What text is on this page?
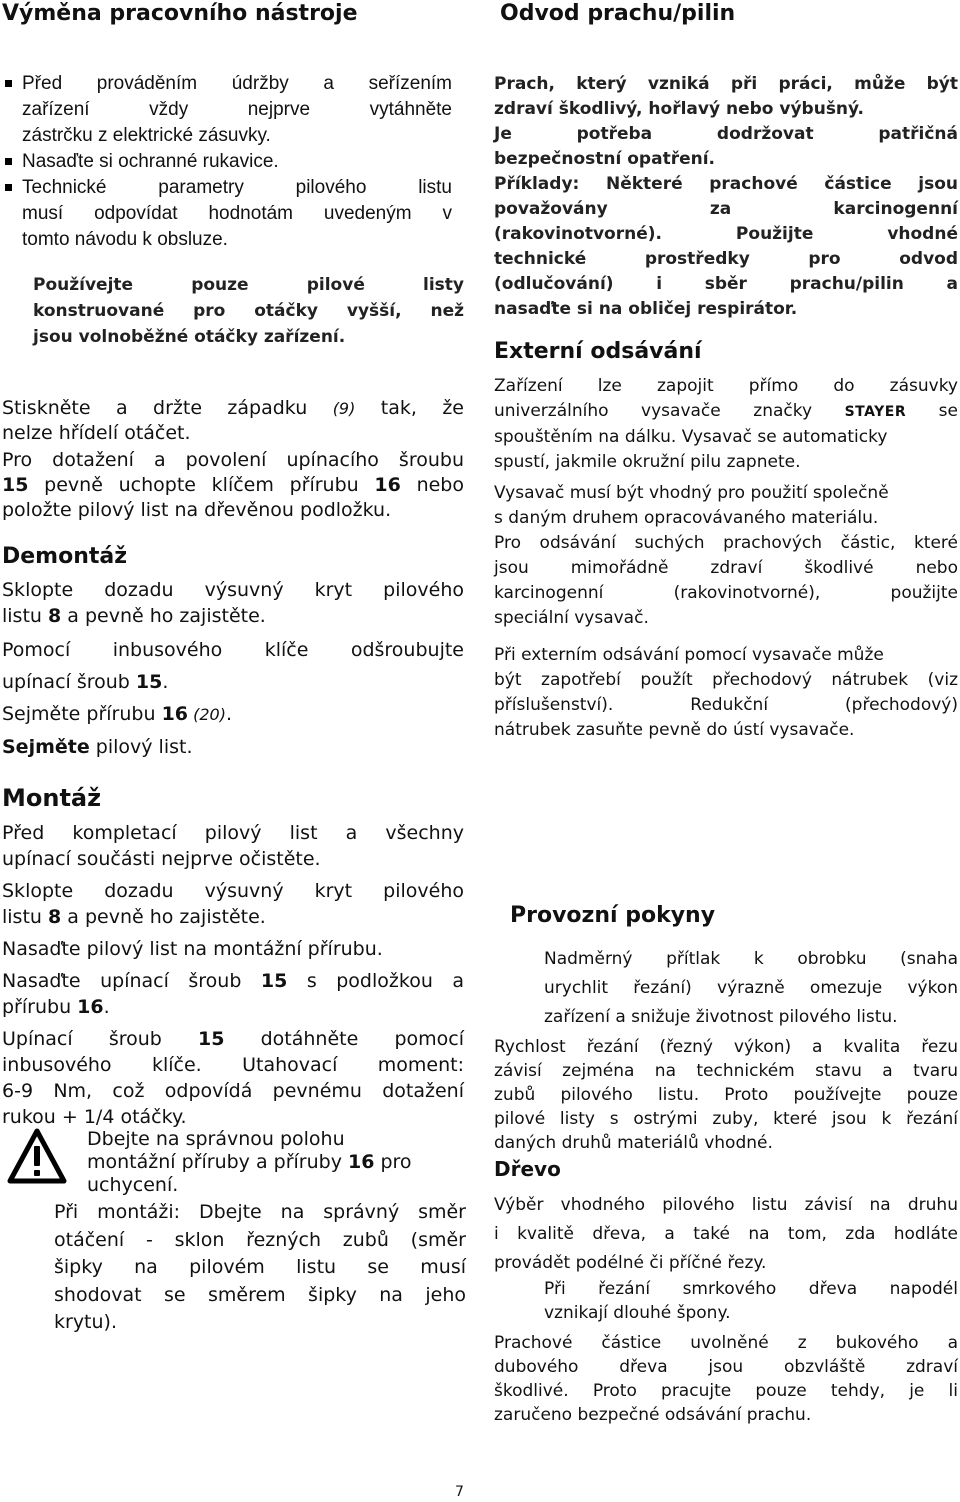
Výměna pracovního nástroje
Před prováděním údržby a seřízením
zařízení vždy nejprve vytáhněte
zástrčku z elektrické zásuvky.
Nasaďte si ochranné rukavice.
Technické parametry pilového listu
musí odpovídat hodnotám uvedeným v
tomto návodu k obsluze.
Používejte pouze pilové listy
konstruované pro otáčky vyšší, než
jsou volnoběžné otáčky zařízení.
Stiskněte a držte západku (9) tak, že
nelze hřídelí otáčet.
Pro dotažení a povolení upínacího šroubu
15 pevně uchopte klíčem přírubu 16 nebo
položte pilový list na dřevěnou podložku.
Demontáž
Sklopte dozadu výsuvný kryt pilového
listu 8 a pevně ho zajistěte.
Pomocí inbusového klíče odšroubujte
upínací šroub 15.
Sejměte přírubu 16 (20).
Sejměte pilový list.
Montáž
Před kompletací pilový list a všechny
upínací součásti nejprve očistěte.
Sklopte dozadu výsuvný kryt pilového
listu 8 a pevně ho zajistěte.
Nasaďte pilový list na montážní přírubu.
Nasaďte upínací šroub 15 s podložkou a
přírubu 16.
Upínací šroub 15 dotáhněte pomocí
inbusového klíče. Utahovací moment:
6-9 Nm, což odpovídá pevnému dotažení
rukou + 1/4 otáčky.
Dbejte na správnou polohu
montážní příruby a příruby 16 pro
uchycení.
Při montáži: Dbejte na správný směr
otáčení - sklon řezných zubů (směr
šipky na pilovém listu se musí
shodovat se směrem šipky na jeho
krytu).
Odvod prachu/pilin
Prach, který vzniká při práci, může být
zdraví škodlivý, hořlavý nebo výbušný.
Je potřeba dodržovat patřičná
bezpečnostní opatření.
Příklady: Některé prachové částice jsou
považovány za karcinogenní
(rakovinotvorné). Použijte vhodné
technické prostředky pro odvod
(odlučování) i sběr prachu/pilin a
nasaďte si na obličej respirátor.
Externí odsávání
Zařízení lze zapojit přímo do zásuvky
univerzálního vysavače značky STAYER se
spouštěním na dálku. Vysavač se automaticky
spustí, jakmile okružní pilu zapnete.
Vysavač musí být vhodný pro použití společně
s daným druhem opracovávaného materiálu.
Pro odsávání suchých prachových částic, které
jsou mimořádně zdraví škodlivé nebo
karcinogenní (rakovinotvorné), použijte
speciální vysavač.
Při externím odsávání pomocí vysavače může
být zapotřebí použít přechodový nátrubek (viz
příslušenství). Redukční (přechodový)
nátrubek zasuňte pevně do ústí vysavače.
Provozní pokyny
Nadměrný přítlak k obrobku (snaha
urychlit řezání) výrazně omezuje výkon
zařízení a snižuje životnost pilového listu.
Rychlost řezání (řezný výkon) a kvalita řezu
závisí zejména na technickém stavu a tvaru
zubů pilového listu. Proto používejte pouze
pilové listy s ostrými zuby, které jsou k řezání
daných druhů materiálů vhodné.
Dřevo
Výběr vhodného pilového listu závisí na druhu
i kvalitě dřeva, a také na tom, zda hodláte
provádět podélné či příčné řezy.
Při řezání smrkového dřeva napodél
vznikají dlouhé špony.
Prachové částice uvolněné z bukového a
dubového dřeva jsou obzvláště zdraví
škodlivé. Proto pracujte pouze tehdy, je li
zaručeno bezpečné odsávání prachu.
7
